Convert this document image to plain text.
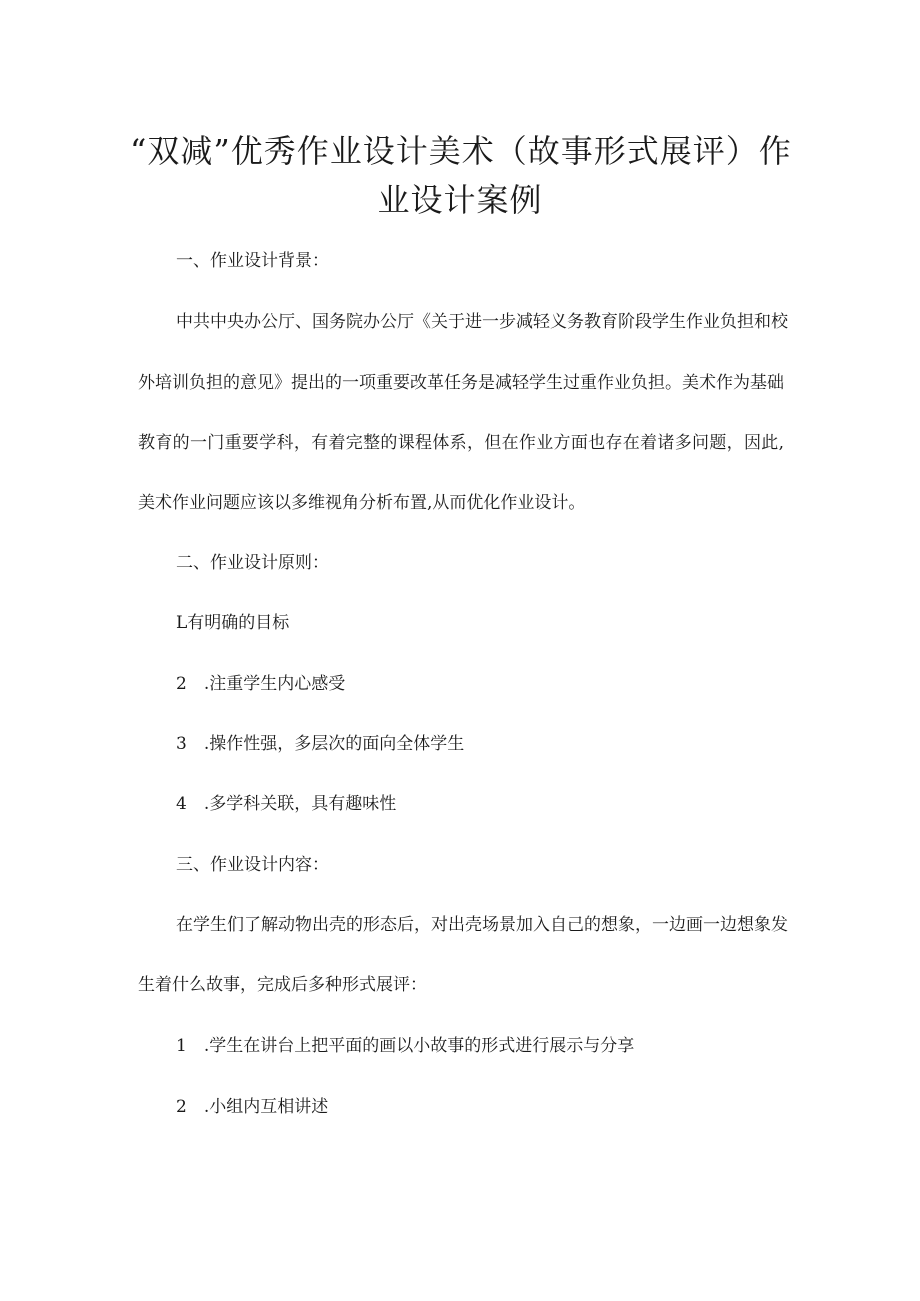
“双减”优秀作业设计美术（故事形式展评）作
业设计案例

一、作业设计背景：

中共中央办公厅、国务院办公厅《关于进一步减轻义务教育阶段学生作业负担和校

外培训负担的意见》提出的一项重要改革任务是减轻学生过重作业负担。美术作为基础

教育的一门重要学科，有着完整的课程体系，但在作业方面也存在着诸多问题，因此,

美术作业问题应该以多维视角分析布置,从而优化作业设计。

二、作业设计原则：

L有明确的目标

2　.注重学生内心感受

3　.操作性强，多层次的面向全体学生

4　.多学科关联，具有趣味性

三、作业设计内容：

在学生们了解动物出壳的形态后，对出壳场景加入自己的想象，一边画一边想象发

生着什么故事，完成后多种形式展评：

1　.学生在讲台上把平面的画以小故事的形式进行展示与分享

2　.小组内互相讲述
